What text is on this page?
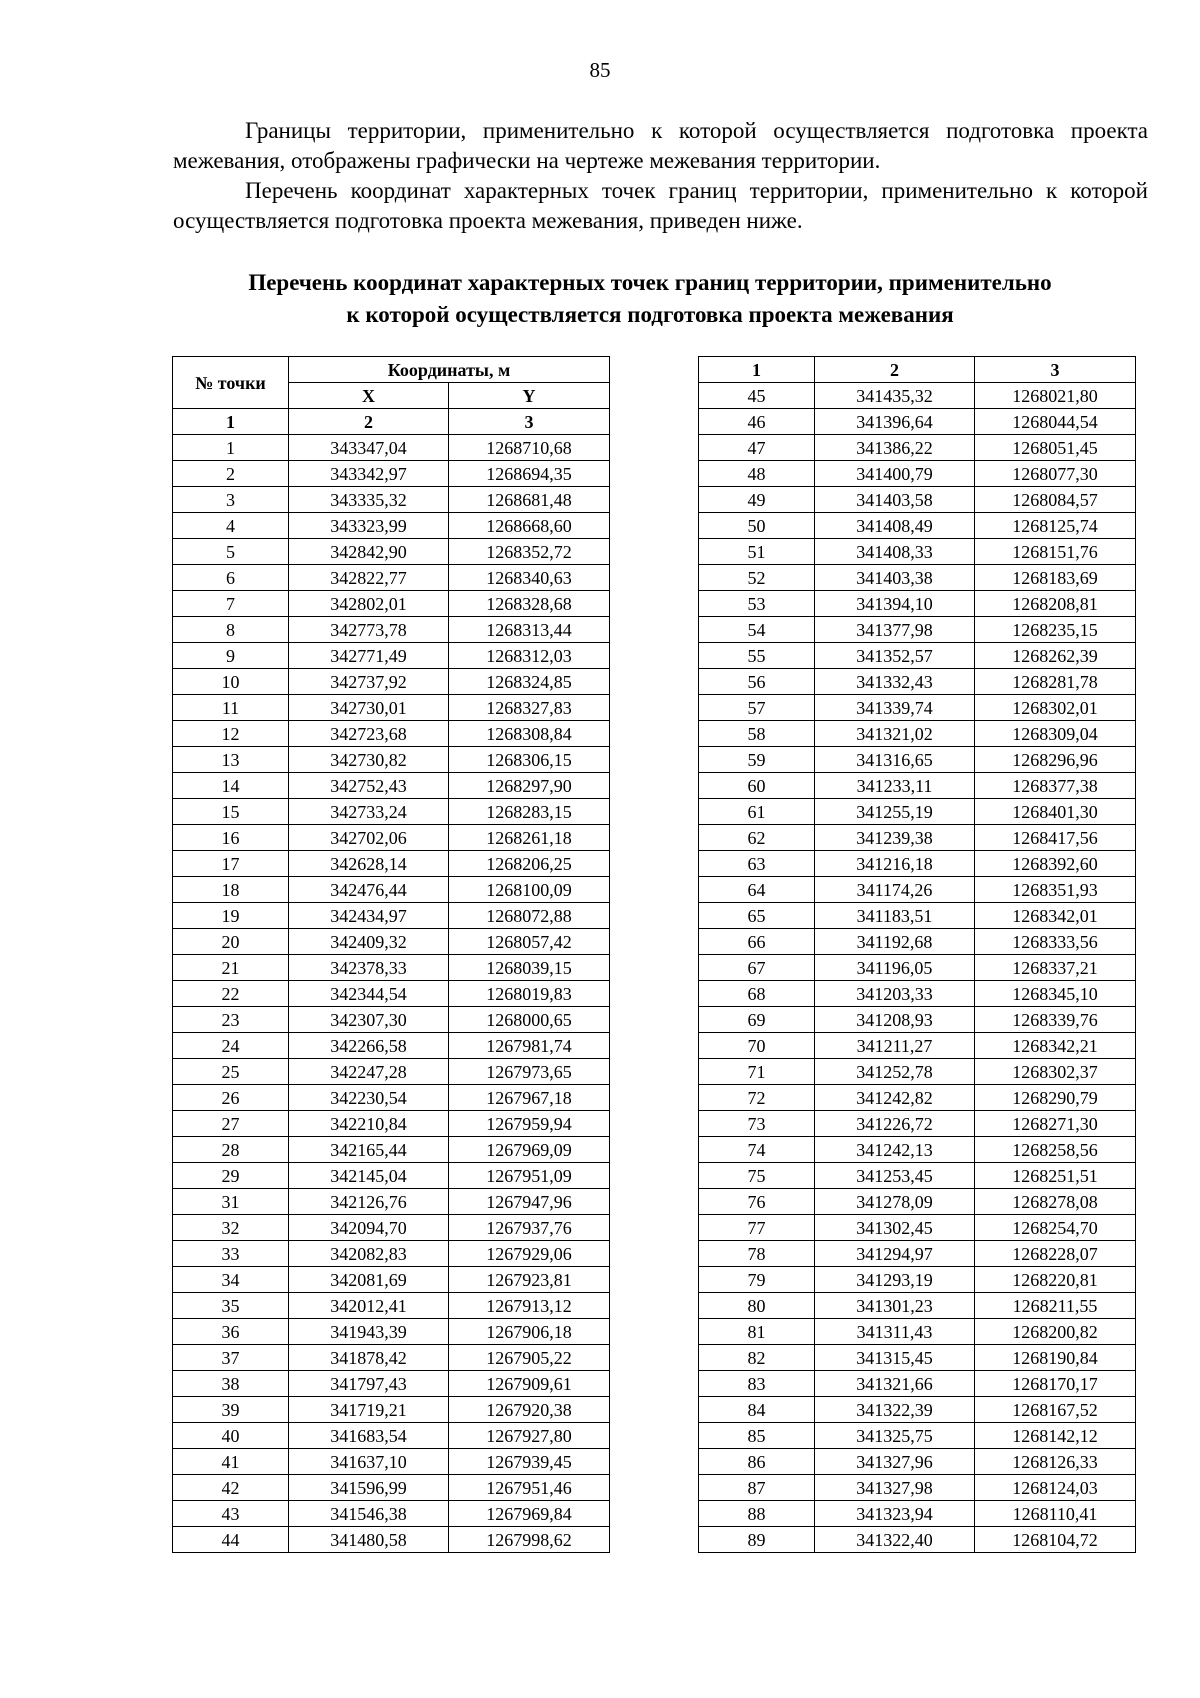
85

Границы территории, применительно к которой осуществляется подготовка проекта межевания, отображены графически на чертеже межевания территории.

Перечень координат характерных точек границ территории, применительно к которой осуществляется подготовка проекта межевания, приведен ниже.

Перечень координат характерных точек границ территории, применительно
к которой осуществляется подготовка проекта межевания
№ точки	Координаты, м	
	X	Y
1	2	3
1	343347,04	1268710,68
2	343342,97	1268694,35
3	343335,32	1268681,48
4	343323,99	1268668,60
5	342842,90	1268352,72
6	342822,77	1268340,63
7	342802,01	1268328,68
8	342773,78	1268313,44
9	342771,49	1268312,03
10	342737,92	1268324,85
11	342730,01	1268327,83
12	342723,68	1268308,84
13	342730,82	1268306,15
14	342752,43	1268297,90
15	342733,24	1268283,15
16	342702,06	1268261,18
17	342628,14	1268206,25
18	342476,44	1268100,09
19	342434,97	1268072,88
20	342409,32	1268057,42
21	342378,33	1268039,15
22	342344,54	1268019,83
23	342307,30	1268000,65
24	342266,58	1267981,74
25	342247,28	1267973,65
26	342230,54	1267967,18
27	342210,84	1267959,94
28	342165,44	1267969,09
29	342145,04	1267951,09
31	342126,76	1267947,96
32	342094,70	1267937,76
33	342082,83	1267929,06
34	342081,69	1267923,81
35	342012,41	1267913,12
36	341943,39	1267906,18
37	341878,42	1267905,22
38	341797,43	1267909,61
39	341719,21	1267920,38
40	341683,54	1267927,80
41	341637,10	1267939,45
42	341596,99	1267951,46
43	341546,38	1267969,84
44	341480,58	1267998,62
1	2	3
45	341435,32	1268021,80
46	341396,64	1268044,54
47	341386,22	1268051,45
48	341400,79	1268077,30
49	341403,58	1268084,57
50	341408,49	1268125,74
51	341408,33	1268151,76
52	341403,38	1268183,69
53	341394,10	1268208,81
54	341377,98	1268235,15
55	341352,57	1268262,39
56	341332,43	1268281,78
57	341339,74	1268302,01
58	341321,02	1268309,04
59	341316,65	1268296,96
60	341233,11	1268377,38
61	341255,19	1268401,30
62	341239,38	1268417,56
63	341216,18	1268392,60
64	341174,26	1268351,93
65	341183,51	1268342,01
66	341192,68	1268333,56
67	341196,05	1268337,21
68	341203,33	1268345,10
69	341208,93	1268339,76
70	341211,27	1268342,21
71	341252,78	1268302,37
72	341242,82	1268290,79
73	341226,72	1268271,30
74	341242,13	1268258,56
75	341253,45	1268251,51
76	341278,09	1268278,08
77	341302,45	1268254,70
78	341294,97	1268228,07
79	341293,19	1268220,81
80	341301,23	1268211,55
81	341311,43	1268200,82
82	341315,45	1268190,84
83	341321,66	1268170,17
84	341322,39	1268167,52
85	341325,75	1268142,12
86	341327,96	1268126,33
87	341327,98	1268124,03
88	341323,94	1268110,41
89	341322,40	1268104,72
